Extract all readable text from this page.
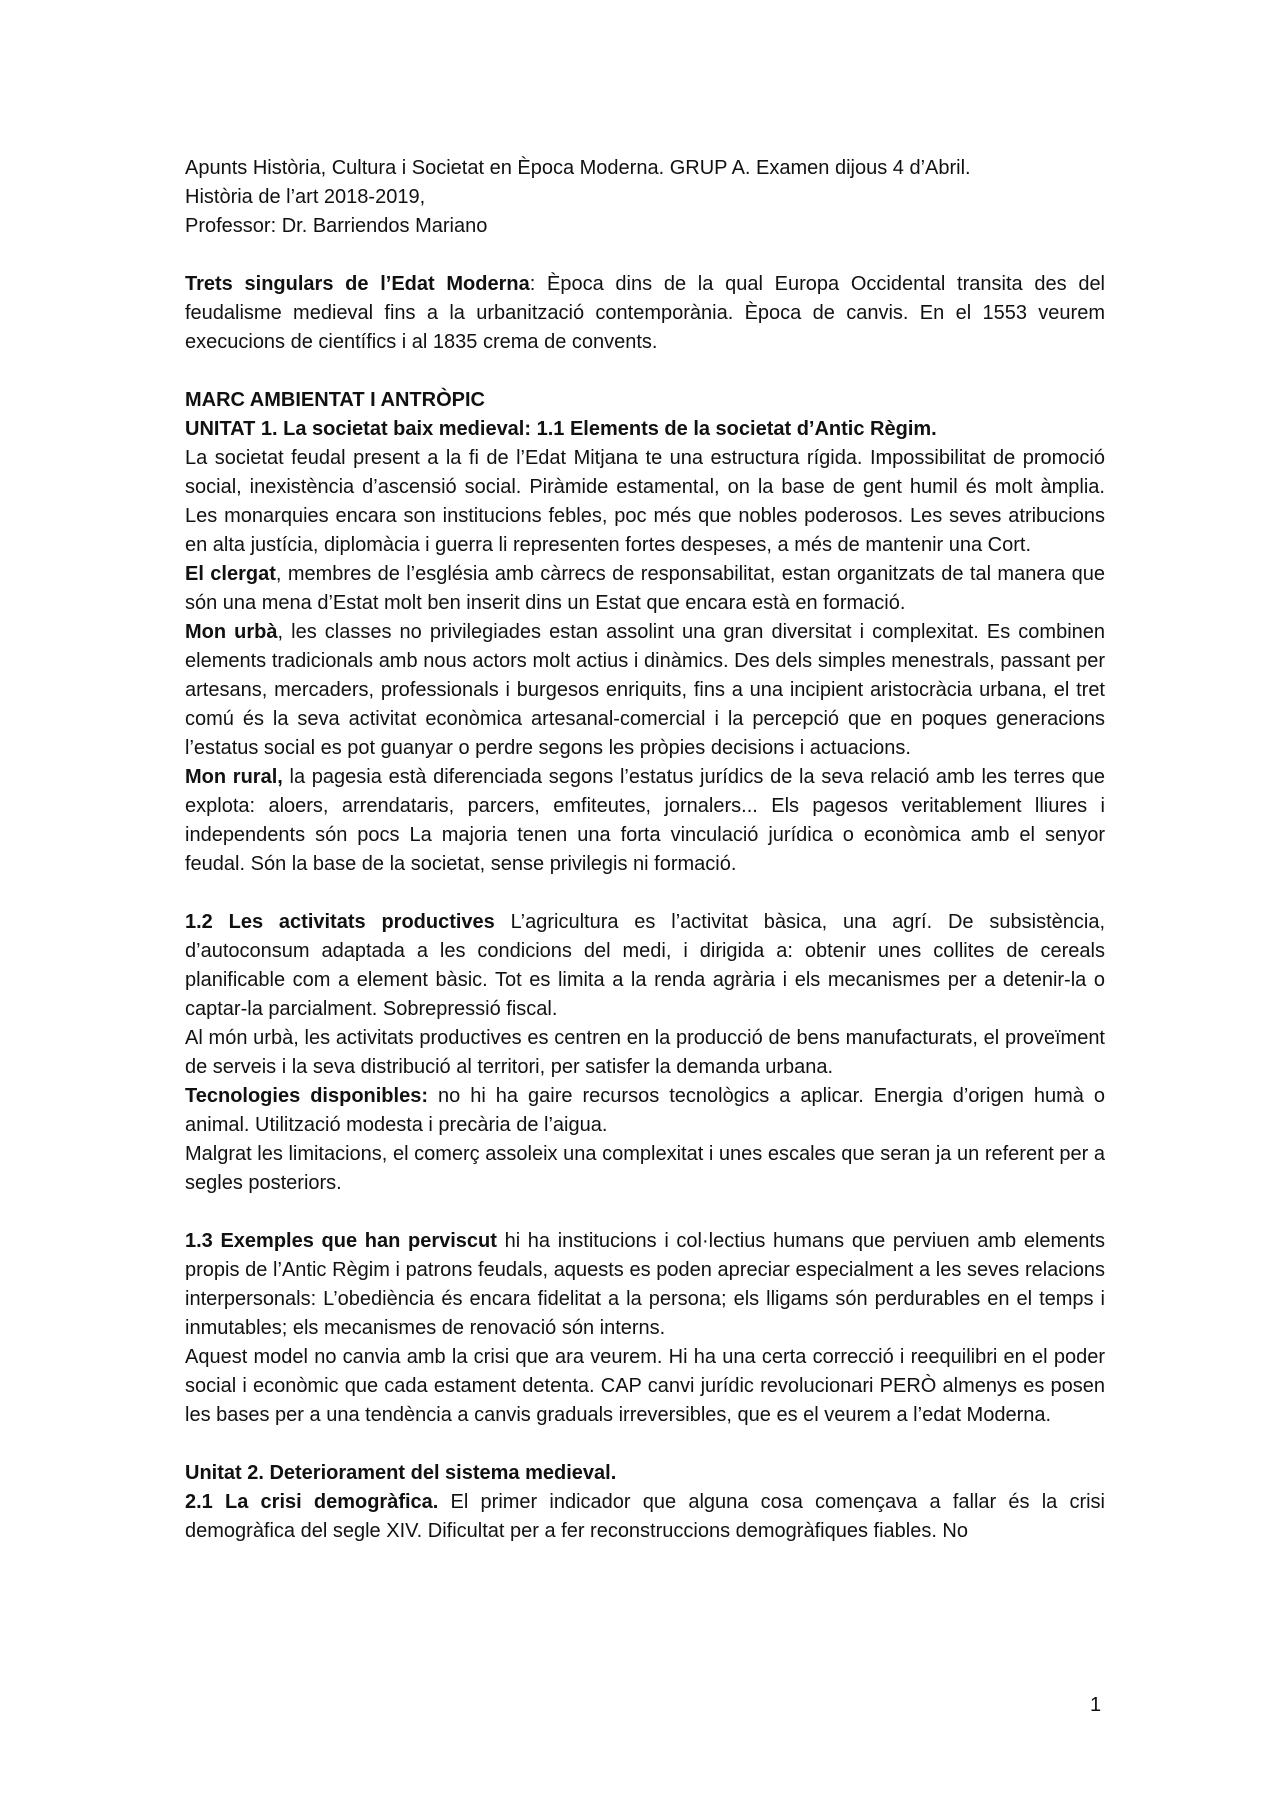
Apunts Història, Cultura i Societat en Època Moderna. GRUP A. Examen dijous 4 d’Abril.
Història de l’art 2018-2019,
Professor: Dr. Barriendos Mariano

Trets singulars de l’Edat Moderna: Època dins de la qual Europa Occidental transita des del feudalisme medieval fins a la urbanització contemporània. Època de canvis. En el 1553 veurem execucions de científics i al 1835 crema de convents.

MARC AMBIENTAT I ANTRÒPIC
UNITAT 1. La societat baix medieval: 1.1 Elements de la societat d’Antic Règim.

La societat feudal present a la fi de l’Edat Mitjana te una estructura rígida. Impossibilitat de promoció social, inexistència d’ascensió social. Piràmide estamental, on la base de gent humil és molt àmplia. Les monarquies encara son institucions febles, poc més que nobles poderosos. Les seves atribucions en alta justícia, diplomàcia i guerra li representen fortes despeses, a més de mantenir una Cort.

El clergat, membres de l’església amb càrrecs de responsabilitat, estan organitzats de tal manera que són una mena d’Estat molt ben inserit dins un Estat que encara està en formació.

Mon urbà, les classes no privilegiades estan assolint una gran diversitat i complexitat. Es combinen elements tradicionals amb nous actors molt actius i dinàmics. Des dels simples menestrals, passant per artesans, mercaders, professionals i burgesos enriquits, fins a una incipient aristocràcia urbana, el tret comú és la seva activitat econòmica artesanal-comercial i la percepció que en poques generacions l’estatus social es pot guanyar o perdre segons les pròpies decisions i actuacions.

Mon rural, la pagesia està diferenciada segons l’estatus jurídics de la seva relació amb les terres que explota: aloers, arrendataris, parcers, emfiteutes, jornalers... Els pagesos veritablement lliures i independents són pocs La majoria tenen una forta vinculació jurídica o econòmica amb el senyor feudal. Són la base de la societat, sense privilegis ni formació.

1.2 Les activitats productives L’agricultura es l’activitat bàsica, una agrí. De subsistència, d’autoconsum adaptada a les condicions del medi, i dirigida a: obtenir unes collites de cereals planificable com a element bàsic. Tot es limita a la renda agrària i els mecanismes per a detenir-la o captar-la parcialment. Sobrepressió fiscal.

Al món urbà, les activitats productives es centren en la producció de bens manufacturats, el proveïment de serveis i la seva distribució al territori, per satisfer la demanda urbana.

Tecnologies disponibles: no hi ha gaire recursos tecnològics a aplicar. Energia d’origen humà o animal. Utilització modesta i precària de l’aigua.

Malgrat les limitacions, el comerç assoleix una complexitat i unes escales que seran ja un referent per a segles posteriors.

1.3 Exemples que han perviscut hi ha institucions i col·lectius humans que perviuen amb elements propis de l’Antic Règim i patrons feudals, aquests es poden apreciar especialment a les seves relacions interpersonals: L’obediència és encara fidelitat a la persona; els lligams són perdurables en el temps i inmutables; els mecanismes de renovació són interns.

Aquest model no canvia amb la crisi que ara veurem. Hi ha una certa correcció i reequilibri en el poder social i econòmic que cada estament detenta. CAP canvi jurídic revolucionari PERÒ almenys es posen les bases per a una tendència a canvis graduals irreversibles, que es el veurem a l’edat Moderna.

Unitat 2. Deteriorament del sistema medieval.

2.1 La crisi demogràfica. El primer indicador que alguna cosa començava a fallar és la crisi demogràfica del segle XIV. Dificultat per a fer reconstruccions demogràfiques fiables. No

1
